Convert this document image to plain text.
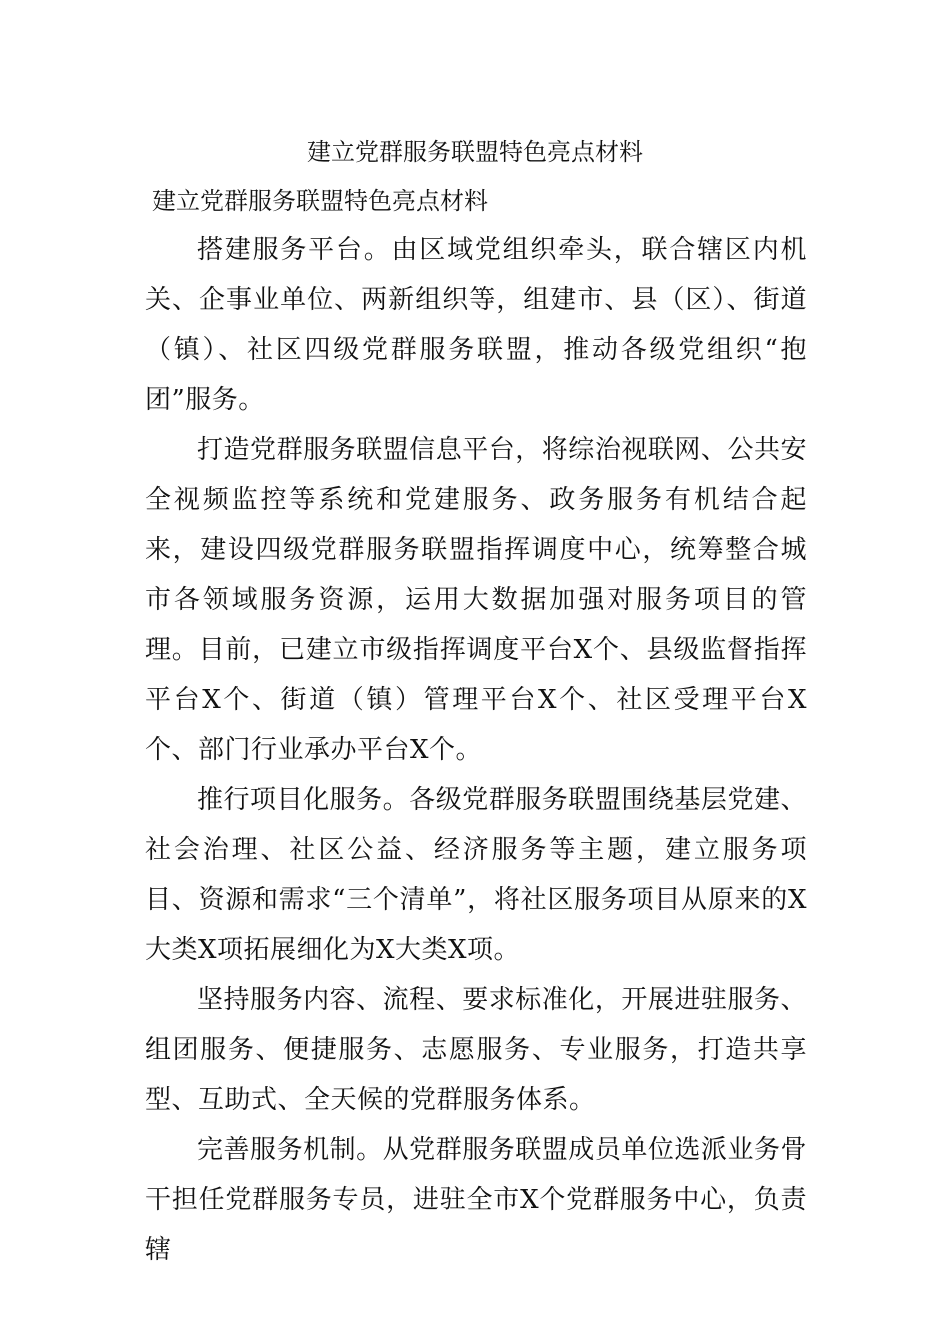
建立党群服务联盟特色亮点材料
建立党群服务联盟特色亮点材料

搭建服务平台。由区域党组织牵头，联合辖区内机关、企事业单位、两新组织等，组建市、县（区）、街道（镇）、社区四级党群服务联盟，推动各级党组织“抱团”服务。

打造党群服务联盟信息平台，将综治视联网、公共安全视频监控等系统和党建服务、政务服务有机结合起来，建设四级党群服务联盟指挥调度中心，统筹整合城市各领域服务资源，运用大数据加强对服务项目的管理。目前，已建立市级指挥调度平台X个、县级监督指挥平台X个、街道（镇）管理平台X个、社区受理平台X个、部门行业承办平台X个。

推行项目化服务。各级党群服务联盟围绕基层党建、社会治理、社区公益、经济服务等主题，建立服务项目、资源和需求“三个清单”，将社区服务项目从原来的X大类X项拓展细化为X大类X项。

坚持服务内容、流程、要求标准化，开展进驻服务、组团服务、便捷服务、志愿服务、专业服务，打造共享型、互助式、全天候的党群服务体系。

完善服务机制。从党群服务联盟成员单位选派业务骨干担任党群服务专员，进驻全市X个党群服务中心，负责辖
